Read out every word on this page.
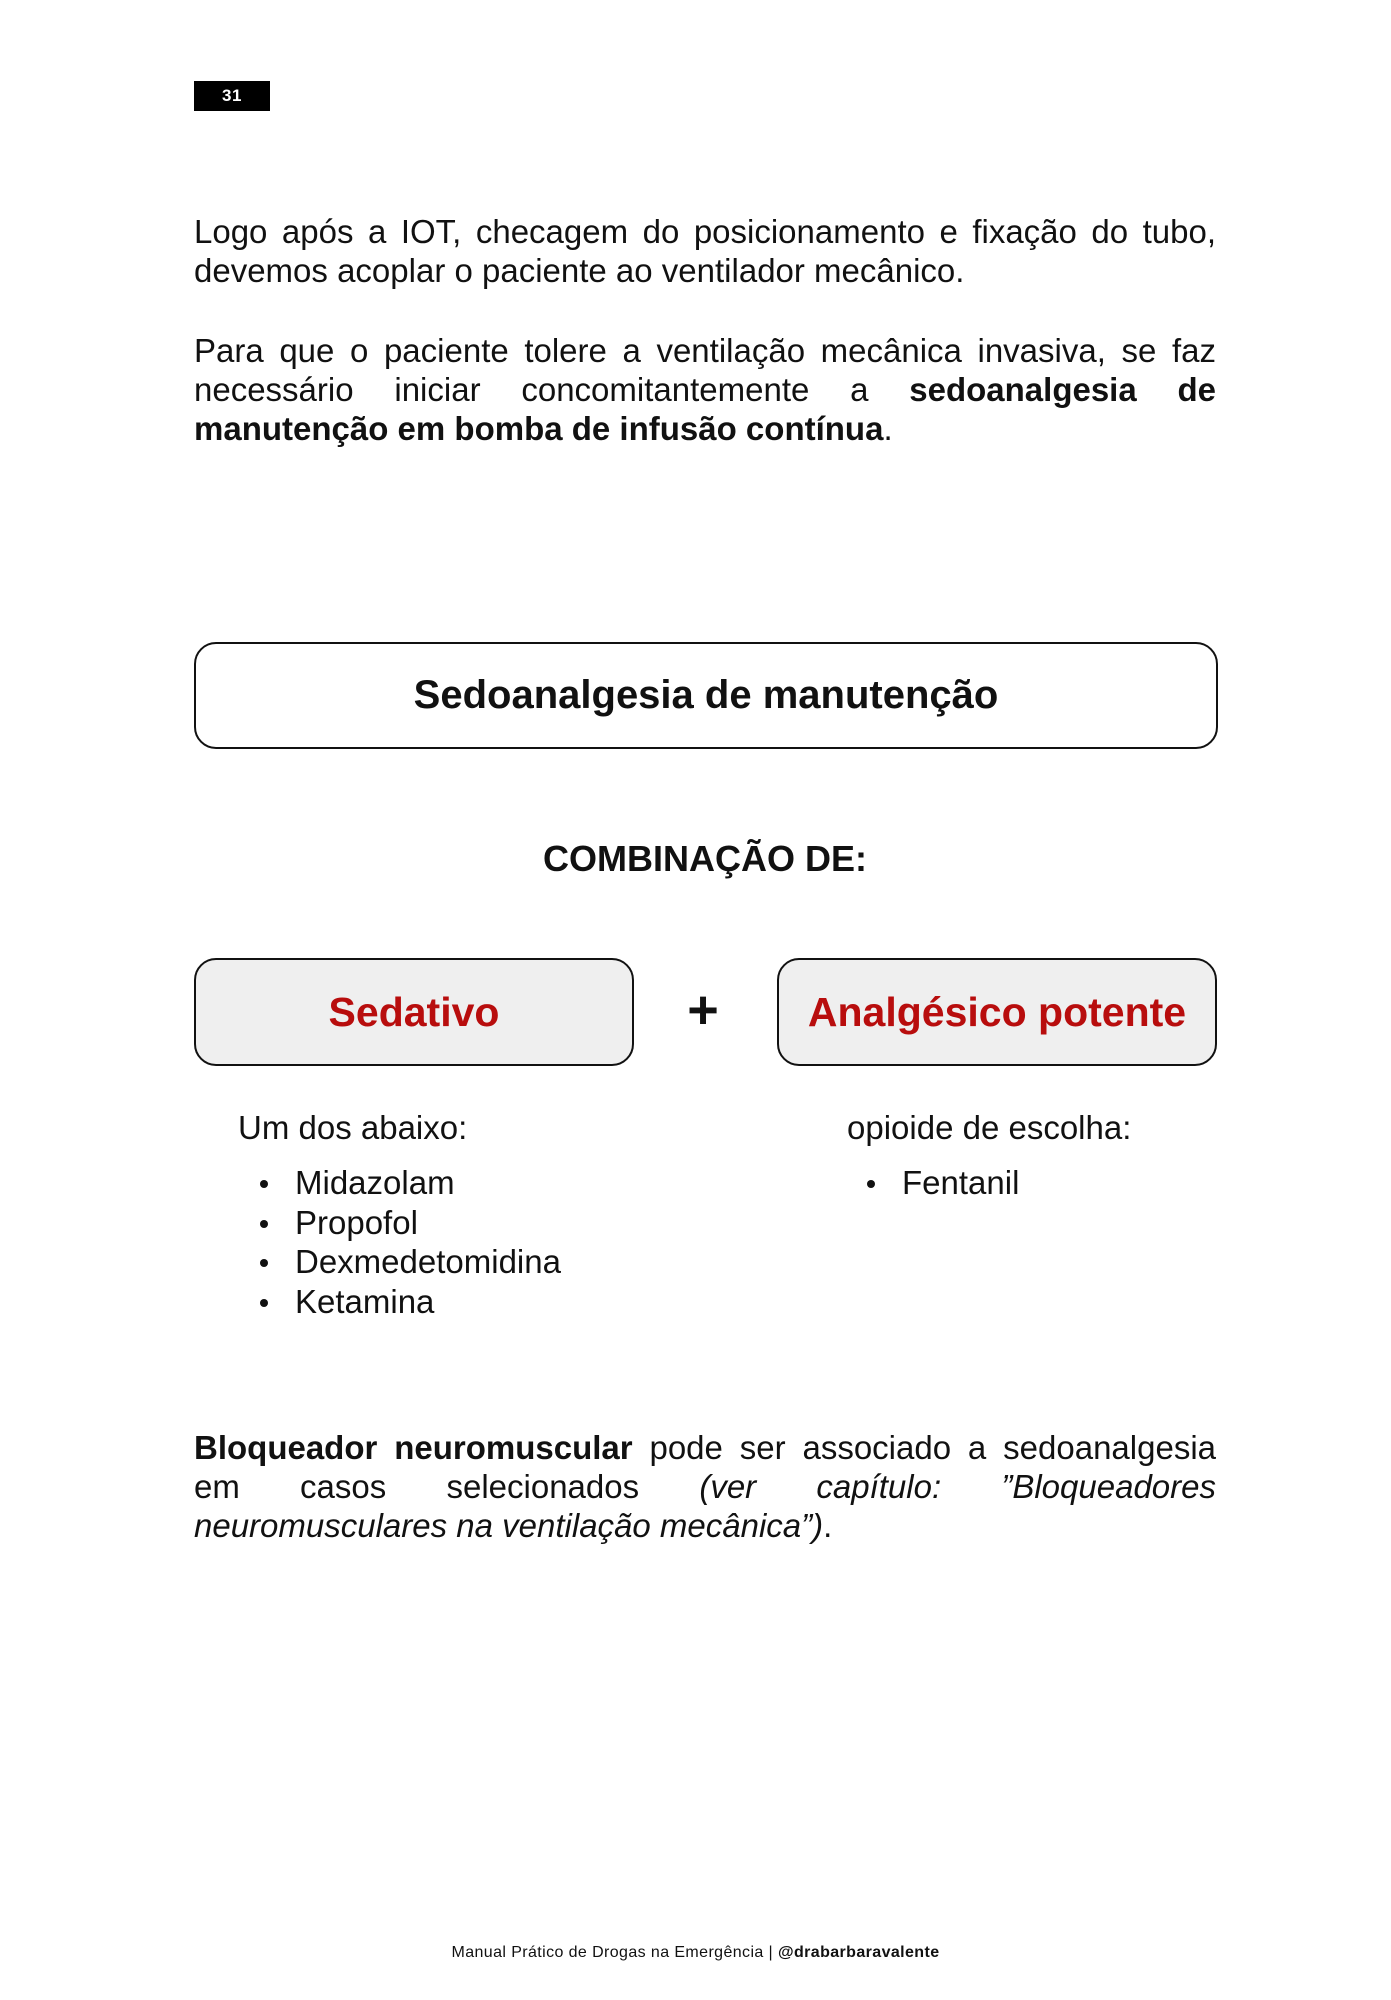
31

Logo após a IOT, checagem do posicionamento e fixação do tubo, devemos acoplar o paciente ao ventilador mecânico.

Para que o paciente tolere a ventilação mecânica invasiva, se faz necessário iniciar concomitantemente a sedoanalgesia de manutenção em bomba de infusão contínua.

Sedoanalgesia de manutenção
COMBINAÇÃO DE:
Sedativo	+ Analgésico potente
Um dos abaixo:
Midazolam
Propofol
Dexmedetomidina
Ketamina
opioide de escolha:
Fentanil

Bloqueador neuromuscular pode ser associado a sedoanalgesia em casos selecionados (ver capítulo: ”Bloqueadores neuromusculares na ventilação mecânica”).

Manual Prático de Drogas na Emergência | @drabarbaravalente
